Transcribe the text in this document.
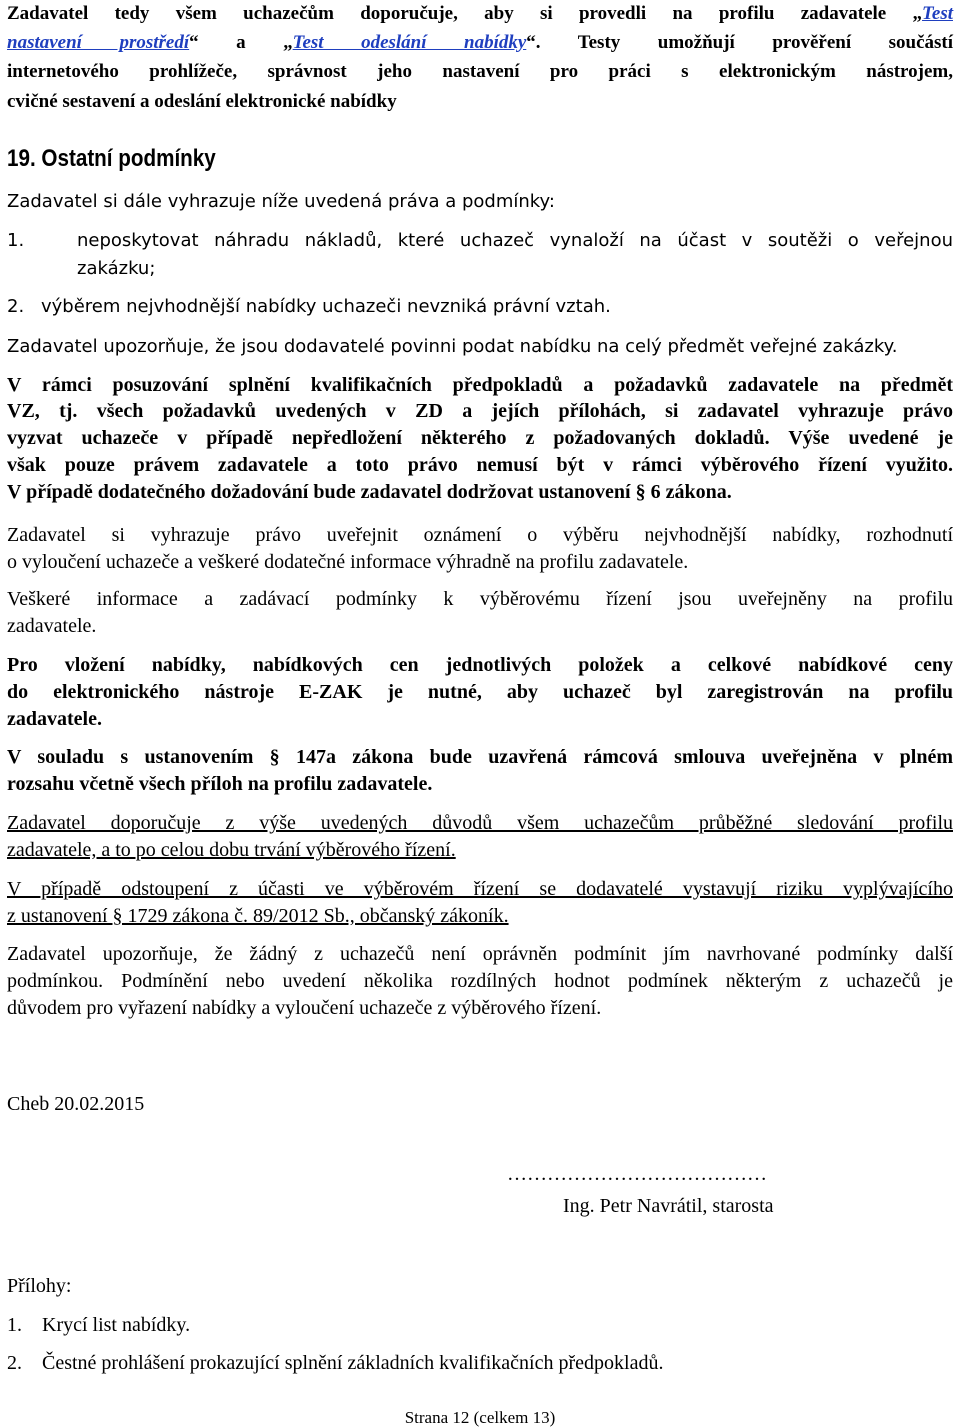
Zadavatel tedy všem uchazečům doporučuje, aby si provedli na profilu zadavatele „Test

nastavení prostředí“ a „Test odeslání nabídky“. Testy umožňují prověření součástí

internetového prohlížeče, správnost jeho nastavení pro práci s elektronickým nástrojem,

cvičné sestavení a odeslání elektronické nabídky

19. Ostatní podmínky

Zadavatel si dále vyhrazuje níže uvedená práva a podmínky:

1.	neposkytovat náhradu nákladů, které uchazeč vynaloží na účast v soutěži o veřejnou
zakázku;
2. výběrem nejvhodnější nabídky uchazeči nevzniká právní vztah.

Zadavatel upozorňuje, že jsou dodavatelé povinni podat nabídku na celý předmět veřejné zakázky.

V rámci posuzování splnění kvalifikačních předpokladů a požadavků zadavatele na předmět

VZ, tj. všech požadavků uvedených v ZD a jejích přílohách, si zadavatel vyhrazuje právo

vyzvat uchazeče v případě nepředložení některého z požadovaných dokladů. Výše uvedené je

však pouze právem zadavatele a toto právo nemusí být v rámci výběrového řízení využito.

V případě dodatečného dožadování bude zadavatel dodržovat ustanovení § 6 zákona.

Zadavatel si vyhrazuje právo uveřejnit oznámení o výběru nejvhodnější nabídky, rozhodnutí

o vyloučení uchazeče a veškeré dodatečné informace výhradně na profilu zadavatele.

Veškeré informace a zadávací podmínky k výběrovému řízení jsou uveřejněny na profilu

zadavatele.

Pro vložení nabídky, nabídkových cen jednotlivých položek a celkové nabídkové ceny

do elektronického nástroje E-ZAK je nutné, aby uchazeč byl zaregistrován na profilu

zadavatele.

V souladu s ustanovením § 147a zákona bude uzavřená rámcová smlouva uveřejněna v plném

rozsahu včetně všech příloh na profilu zadavatele.

Zadavatel doporučuje z výše uvedených důvodů všem uchazečům průběžné sledování profilu

zadavatele, a to po celou dobu trvání výběrového řízení.

V případě odstoupení z účasti ve výběrovém řízení se dodavatelé vystavují riziku vyplývajícího

z ustanovení § 1729 zákona č. 89/2012 Sb., občanský zákoník.

Zadavatel upozorňuje, že žádný z uchazečů není oprávněn podmínit jím navrhované podmínky další

podmínkou. Podmínění nebo uvedení několika rozdílných hodnot podmínek některým z uchazečů je

důvodem pro vyřazení nabídky a vyloučení uchazeče z výběrového řízení.

Cheb 20.02.2015

…………………………………

Ing. Petr Navrátil, starosta

Přílohy:

1. Krycí list nabídky.
2. Čestné prohlášení prokazující splnění základních kvalifikačních předpokladů.
Strana 12 (celkem 13)
